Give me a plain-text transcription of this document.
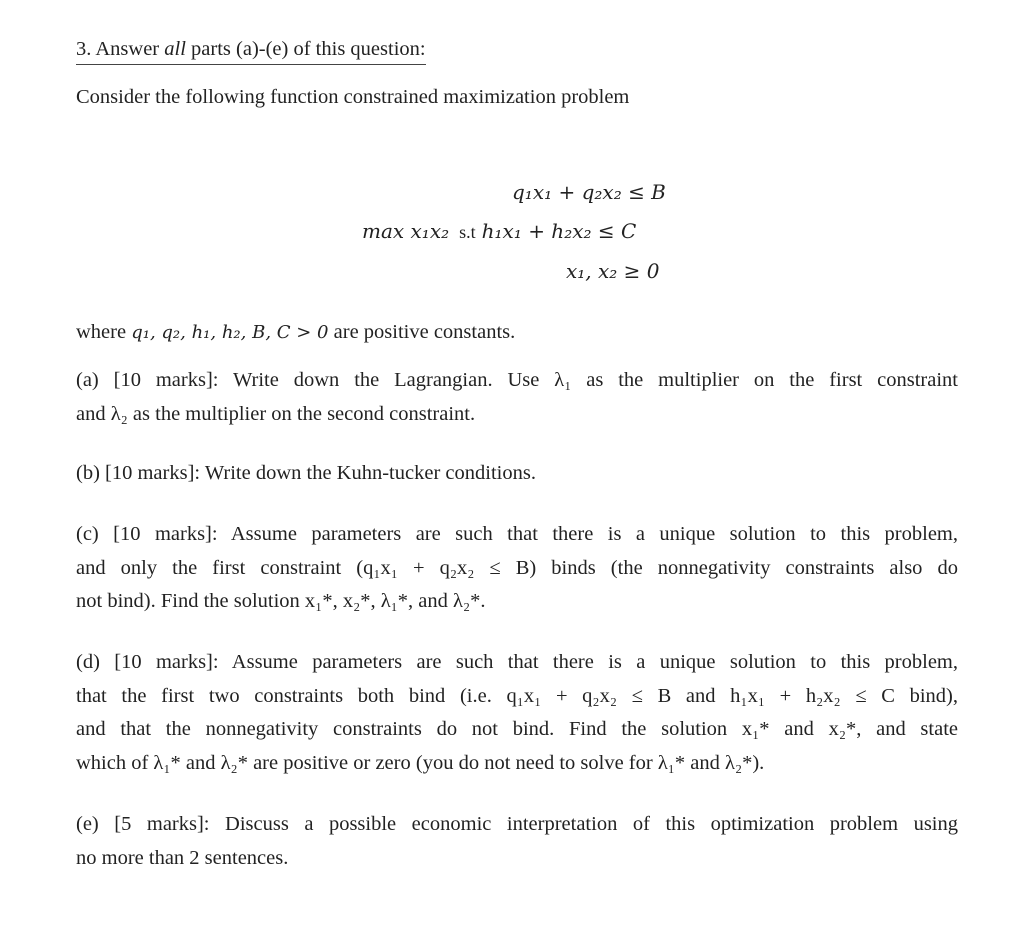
3. Answer all parts (a)-(e) of this question:
Consider the following function constrained maximization problem
q₁x₁ + q₂x₂ ≤ B
max x₁x₂ s.t h₁x₁ + h₂x₂ ≤ C
x₁, x₂ ≥ 0
where q₁, q₂, h₁, h₂, B, C > 0 are positive constants.
(a) [10 marks]: Write down the Lagrangian. Use λ₁ as the multiplier on the first constraint
and λ₂ as the multiplier on the second constraint.
(b) [10 marks]: Write down the Kuhn-tucker conditions.
(c) [10 marks]: Assume parameters are such that there is a unique solution to this problem,
and only the first constraint (q₁x₁ + q₂x₂ ≤ B) binds (the nonnegativity constraints also do
not bind). Find the solution x₁*, x₂*, λ₁*, and λ₂*.
(d) [10 marks]: Assume parameters are such that there is a unique solution to this problem,
that the first two constraints both bind (i.e. q₁x₁ + q₂x₂ ≤ B and h₁x₁ + h₂x₂ ≤ C bind),
and that the nonnegativity constraints do not bind. Find the solution x₁* and x₂*, and state
which of λ₁* and λ₂* are positive or zero (you do not need to solve for λ₁* and λ₂*).
(e) [5 marks]: Discuss a possible economic interpretation of this optimization problem using
no more than 2 sentences.
